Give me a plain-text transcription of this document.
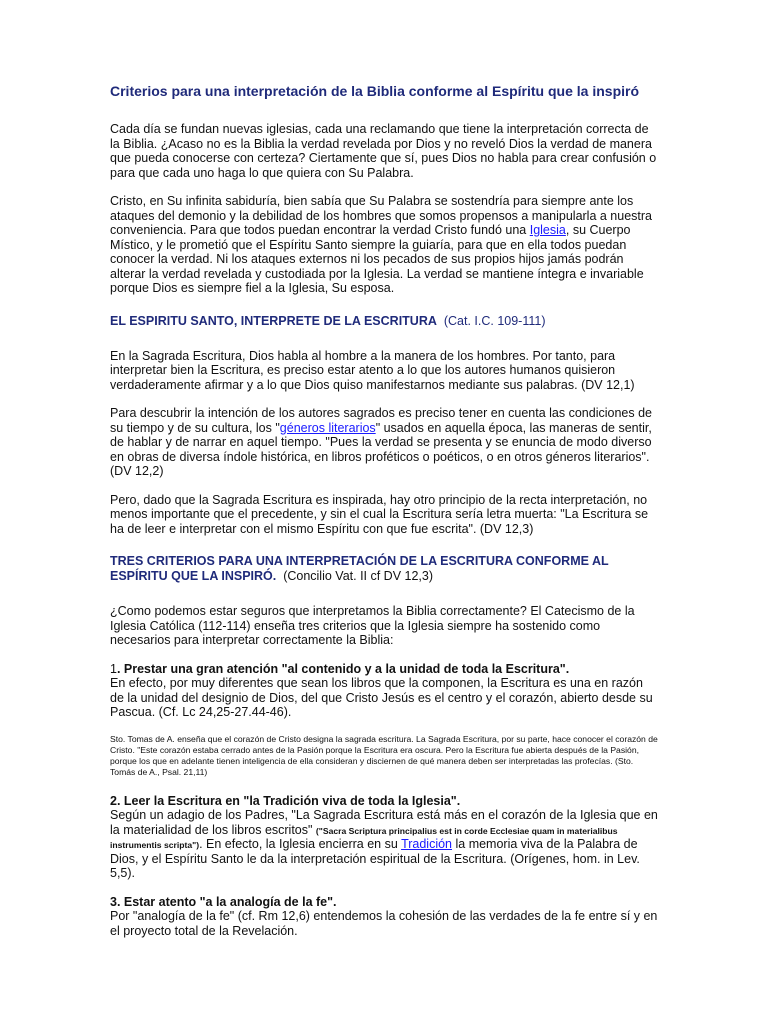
Criterios para una interpretación de la Biblia conforme al Espíritu que la inspiró

Cada día se fundan nuevas iglesias, cada una reclamando que tiene la interpretación correcta de la Biblia. ¿Acaso no es la Biblia la verdad revelada por Dios y no reveló Dios la verdad de manera que pueda conocerse con certeza? Ciertamente que sí, pues Dios no habla para crear confusión o para que cada uno haga lo que quiera con Su Palabra.

Cristo, en Su infinita sabiduría, bien sabía que Su Palabra se sostendría para siempre ante los ataques del demonio y la debilidad de los hombres que somos propensos a manipularla a nuestra conveniencia. Para que todos puedan encontrar la verdad Cristo fundó una Iglesia, su Cuerpo Místico, y le prometió que el Espíritu Santo siempre la guiaría, para que en ella todos puedan conocer la verdad. Ni los ataques externos ni los pecados de sus propios hijos jamás podrán alterar la verdad revelada y custodiada por la Iglesia. La verdad se mantiene íntegra e invariable porque Dios es siempre fiel a la Iglesia, Su esposa.

EL ESPIRITU SANTO, INTERPRETE DE LA ESCRITURA (Cat. I.C. 109-111)

En la Sagrada Escritura, Dios habla al hombre a la manera de los hombres. Por tanto, para interpretar bien la Escritura, es preciso estar atento a lo que los autores humanos quisieron verdaderamente afirmar y a lo que Dios quiso manifestarnos mediante sus palabras. (DV 12,1)

Para descubrir la intención de los autores sagrados es preciso tener en cuenta las condiciones de su tiempo y de su cultura, los "géneros literarios" usados en aquella época, las maneras de sentir, de hablar y de narrar en aquel tiempo. "Pues la verdad se presenta y se enuncia de modo diverso en obras de diversa índole histórica, en libros proféticos o poéticos, o en otros géneros literarios". (DV 12,2)

Pero, dado que la Sagrada Escritura es inspirada, hay otro principio de la recta interpretación, no menos importante que el precedente, y sin el cual la Escritura sería letra muerta: "La Escritura se ha de leer e interpretar con el mismo Espíritu con que fue escrita". (DV 12,3)

TRES CRITERIOS PARA UNA INTERPRETACIÓN DE LA ESCRITURA CONFORME AL ESPÍRITU QUE LA INSPIRÓ. (Concilio Vat. II cf DV 12,3)

¿Como podemos estar seguros que interpretamos la Biblia correctamente? El Catecismo de la Iglesia Católica (112-114) enseña tres criterios que la Iglesia siempre ha sostenido como necesarios para interpretar correctamente la Biblia:

1. Prestar una gran atención "al contenido y a la unidad de toda la Escritura".
En efecto, por muy diferentes que sean los libros que la componen, la Escritura es una en razón de la unidad del designio de Dios, del que Cristo Jesús es el centro y el corazón, abierto desde su Pascua. (Cf. Lc 24,25-27.44-46).
Sto. Tomas de A. enseña que el corazón de Cristo designa la sagrada escritura. La Sagrada Escritura, por su parte, hace conocer el corazón de Cristo. "Este corazón estaba cerrado antes de la Pasión porque la Escritura era oscura. Pero la Escritura fue abierta después de la Pasión, porque los que en adelante tienen inteligencia de ella consideran y disciernen de qué manera deben ser interpretadas las profecías. (Sto. Tomás de A., Psal. 21,11)
2. Leer la Escritura en "la Tradición viva de toda la Iglesia".
Según un adagio de los Padres, "La Sagrada Escritura está más en el corazón de la Iglesia que en la materialidad de los libros escritos" ("Sacra Scriptura principalius est in corde Ecclesiae quam in materialibus instrumentis scripta"). En efecto, la Iglesia encierra en su Tradición la memoria viva de la Palabra de Dios, y el Espíritu Santo le da la interpretación espiritual de la Escritura. (Orígenes, hom. in Lev. 5,5).
3. Estar atento "a la analogía de la fe".
Por "analogía de la fe" (cf. Rm 12,6) entendemos la cohesión de las verdades de la fe entre sí y en el proyecto total de la Revelación.
